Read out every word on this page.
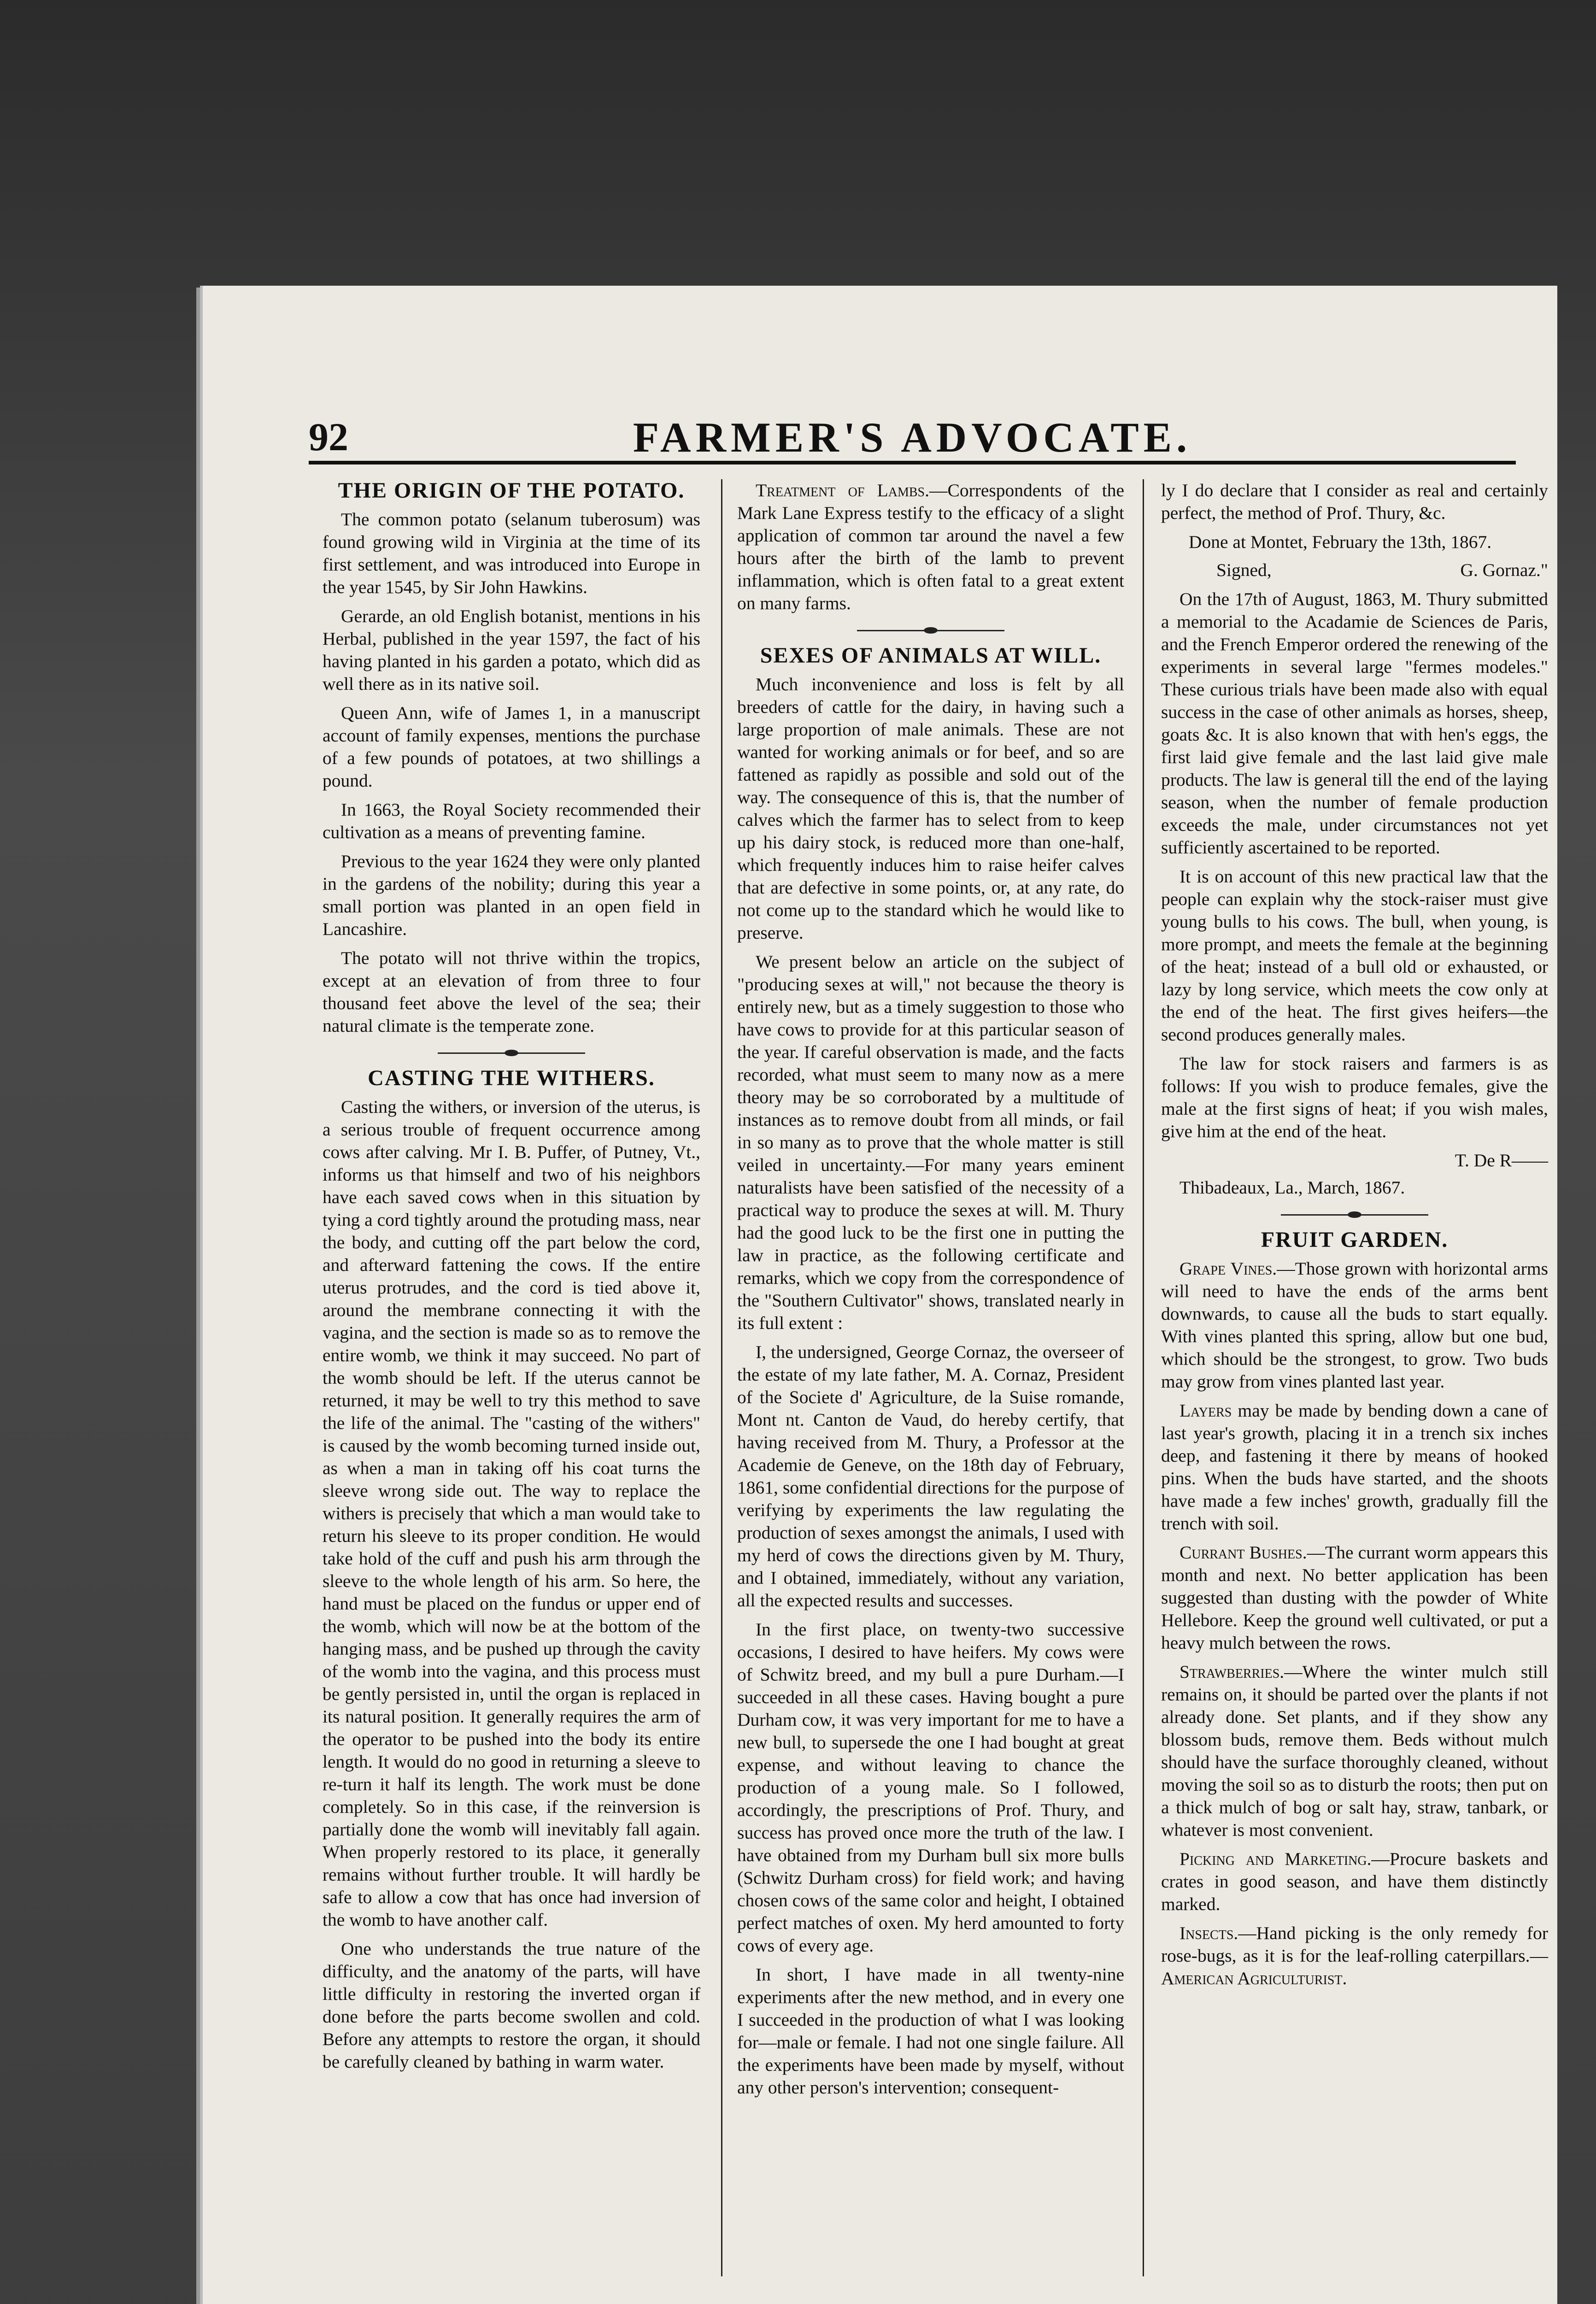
92	FARMER'S ADVOCATE.
THE ORIGIN OF THE POTATO.

The common potato (selanum tuberosum) was found growing wild in Virginia at the time of its first settlement, and was introduced into Europe in the year 1545, by Sir John Hawkins.

Gerarde, an old English botanist, mentions in his Herbal, published in the year 1597, the fact of his having planted in his garden a potato, which did as well there as in its native soil.

Queen Ann, wife of James 1, in a manuscript account of family expenses, mentions the purchase of a few pounds of potatoes, at two shillings a pound.

In 1663, the Royal Society recommended their cultivation as a means of preventing famine.

Previous to the year 1624 they were only planted in the gardens of the nobility; during this year a small portion was planted in an open field in Lancashire.

The potato will not thrive within the tropics, except at an elevation of from three to four thousand feet above the level of the sea; their natural climate is the temperate zone.

CASTING THE WITHERS.

Casting the withers, or inversion of the uterus, is a serious trouble of frequent occurrence among cows after calving. Mr I. B. Puffer, of Putney, Vt., informs us that himself and two of his neighbors have each saved cows when in this situation by tying a cord tightly around the protuding mass, near the body, and cutting off the part below the cord, and afterward fattening the cows. If the entire uterus protrudes, and the cord is tied above it, around the membrane connecting it with the vagina, and the section is made so as to remove the entire womb, we think it may succeed. No part of the womb should be left. If the uterus cannot be returned, it may be well to try this method to save the life of the animal. The "casting of the withers" is caused by the womb becoming turned inside out, as when a man in taking off his coat turns the sleeve wrong side out. The way to replace the withers is precisely that which a man would take to return his sleeve to its proper condition. He would take hold of the cuff and push his arm through the sleeve to the whole length of his arm. So here, the hand must be placed on the fundus or upper end of the womb, which will now be at the bottom of the hanging mass, and be pushed up through the cavity of the womb into the vagina, and this process must be gently persisted in, until the organ is replaced in its natural position. It generally requires the arm of the operator to be pushed into the body its entire length. It would do no good in returning a sleeve to re-turn it half its length. The work must be done completely. So in this case, if the reinversion is partially done the womb will inevitably fall again. When properly restored to its place, it generally remains without further trouble. It will hardly be safe to allow a cow that has once had inversion of the womb to have another calf.

One who understands the true nature of the difficulty, and the anatomy of the parts, will have little difficulty in restoring the inverted organ if done before the parts become swollen and cold. Before any attempts to restore the organ, it should be carefully cleaned by bathing in warm water.

Treatment of Lambs.—Correspondents of the Mark Lane Express testify to the efficacy of a slight application of common tar around the navel a few hours after the birth of the lamb to prevent inflammation, which is often fatal to a great extent on many farms.

SEXES OF ANIMALS AT WILL.

Much inconvenience and loss is felt by all breeders of cattle for the dairy, in having such a large proportion of male animals. These are not wanted for working animals or for beef, and so are fattened as rapidly as possible and sold out of the way. The consequence of this is, that the number of calves which the farmer has to select from to keep up his dairy stock, is reduced more than one-half, which frequently induces him to raise heifer calves that are defective in some points, or, at any rate, do not come up to the standard which he would like to preserve.

We present below an article on the subject of "producing sexes at will," not because the theory is entirely new, but as a timely suggestion to those who have cows to provide for at this particular season of the year. If careful observation is made, and the facts recorded, what must seem to many now as a mere theory may be so corroborated by a multitude of instances as to remove doubt from all minds, or fail in so many as to prove that the whole matter is still veiled in uncertainty.—For many years eminent naturalists have been satisfied of the necessity of a practical way to produce the sexes at will. M. Thury had the good luck to be the first one in putting the law in practice, as the following certificate and remarks, which we copy from the correspondence of the "Southern Cultivator" shows, translated nearly in its full extent :

I, the undersigned, George Cornaz, the overseer of the estate of my late father, M. A. Cornaz, President of the Societe d' Agriculture, de la Suise romande, Mont nt. Canton de Vaud, do hereby certify, that having received from M. Thury, a Professor at the Academie de Geneve, on the 18th day of February, 1861, some confidential directions for the purpose of verifying by experiments the law regulating the production of sexes amongst the animals, I used with my herd of cows the directions given by M. Thury, and I obtained, immediately, without any variation, all the expected results and successes.

In the first place, on twenty-two successive occasions, I desired to have heifers. My cows were of Schwitz breed, and my bull a pure Durham.—I succeeded in all these cases. Having bought a pure Durham cow, it was very important for me to have a new bull, to supersede the one I had bought at great expense, and without leaving to chance the production of a young male. So I followed, accordingly, the prescriptions of Prof. Thury, and success has proved once more the truth of the law. I have obtained from my Durham bull six more bulls (Schwitz Durham cross) for field work; and having chosen cows of the same color and height, I obtained perfect matches of oxen. My herd amounted to forty cows of every age.

In short, I have made in all twenty-nine experiments after the new method, and in every one I succeeded in the production of what I was looking for—male or female. I had not one single failure. All the experiments have been made by myself, without any other person's intervention; consequent-

ly I do declare that I consider as real and certainly perfect, the method of Prof. Thury, &c.

Done at Montet, February the 13th, 1867.

Signed,	G. Gornaz."

On the 17th of August, 1863, M. Thury submitted a memorial to the Acadamie de Sciences de Paris, and the French Emperor ordered the renewing of the experiments in several large "fermes modeles." These curious trials have been made also with equal success in the case of other animals as horses, sheep, goats &c. It is also known that with hen's eggs, the first laid give female and the last laid give male products. The law is general till the end of the laying season, when the number of female production exceeds the male, under circumstances not yet sufficiently ascertained to be reported.

It is on account of this new practical law that the people can explain why the stock-raiser must give young bulls to his cows. The bull, when young, is more prompt, and meets the female at the beginning of the heat; instead of a bull old or exhausted, or lazy by long service, which meets the cow only at the end of the heat. The first gives heifers—the second produces generally males.

The law for stock raisers and farmers is as follows: If you wish to produce females, give the male at the first signs of heat; if you wish males, give him at the end of the heat.

T. De R——

Thibadeaux, La., March, 1867.

FRUIT GARDEN.

Grape Vines.—Those grown with horizontal arms will need to have the ends of the arms bent downwards, to cause all the buds to start equally. With vines planted this spring, allow but one bud, which should be the strongest, to grow. Two buds may grow from vines planted last year.

Layers may be made by bending down a cane of last year's growth, placing it in a trench six inches deep, and fastening it there by means of hooked pins. When the buds have started, and the shoots have made a few inches' growth, gradually fill the trench with soil.

Currant Bushes.—The currant worm appears this month and next. No better application has been suggested than dusting with the powder of White Hellebore. Keep the ground well cultivated, or put a heavy mulch between the rows.

Strawberries.—Where the winter mulch still remains on, it should be parted over the plants if not already done. Set plants, and if they show any blossom buds, remove them. Beds without mulch should have the surface thoroughly cleaned, without moving the soil so as to disturb the roots; then put on a thick mulch of bog or salt hay, straw, tanbark, or whatever is most convenient.

Picking and Marketing.—Procure baskets and crates in good season, and have them distinctly marked.

Insects.—Hand picking is the only remedy for rose-bugs, as it is for the leaf-rolling caterpillars.—American Agriculturist.
